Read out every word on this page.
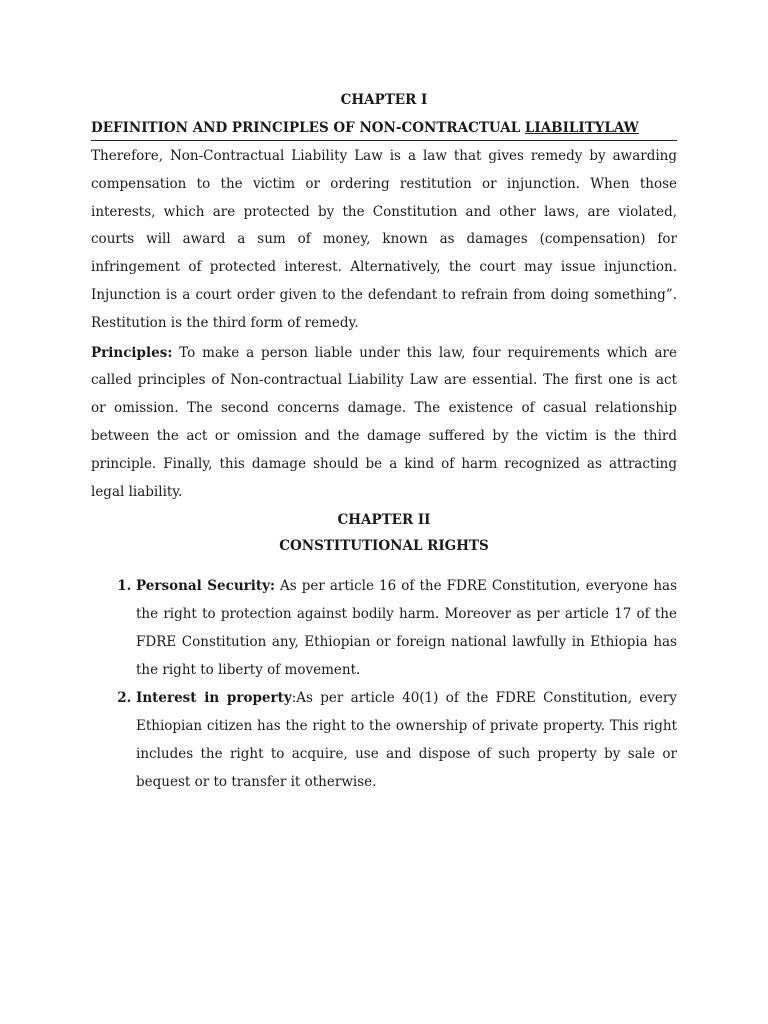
CHAPTER I

DEFINITION AND PRINCIPLES OF NON-CONTRACTUAL LIABILITYLAW

Therefore, Non-Contractual Liability Law is a law that gives remedy by awarding compensation to the victim or ordering restitution or injunction. When those interests, which are protected by the Constitution and other laws, are violated, courts will award a sum of money, known as damages (compensation) for infringement of protected interest. Alternatively, the court may issue injunction. Injunction is a court order given to the defendant to refrain from doing something”. Restitution is the third form of remedy.

Principles: To make a person liable under this law, four requirements which are called principles of Non-contractual Liability Law are essential. The first one is act or omission. The second concerns damage. The existence of casual relationship between the act or omission and the damage suffered by the victim is the third principle. Finally, this damage should be a kind of harm recognized as attracting legal liability.

CHAPTER II

CONSTITUTIONAL RIGHTS

1. Personal Security: As per article 16 of the FDRE Constitution, everyone has the right to protection against bodily harm. Moreover as per article 17 of the FDRE Constitution any, Ethiopian or foreign national lawfully in Ethiopia has the right to liberty of movement.
2. Interest in property:As per article 40(1) of the FDRE Constitution, every Ethiopian citizen has the right to the ownership of private property. This right includes the right to acquire, use and dispose of such property by sale or bequest or to transfer it otherwise.
